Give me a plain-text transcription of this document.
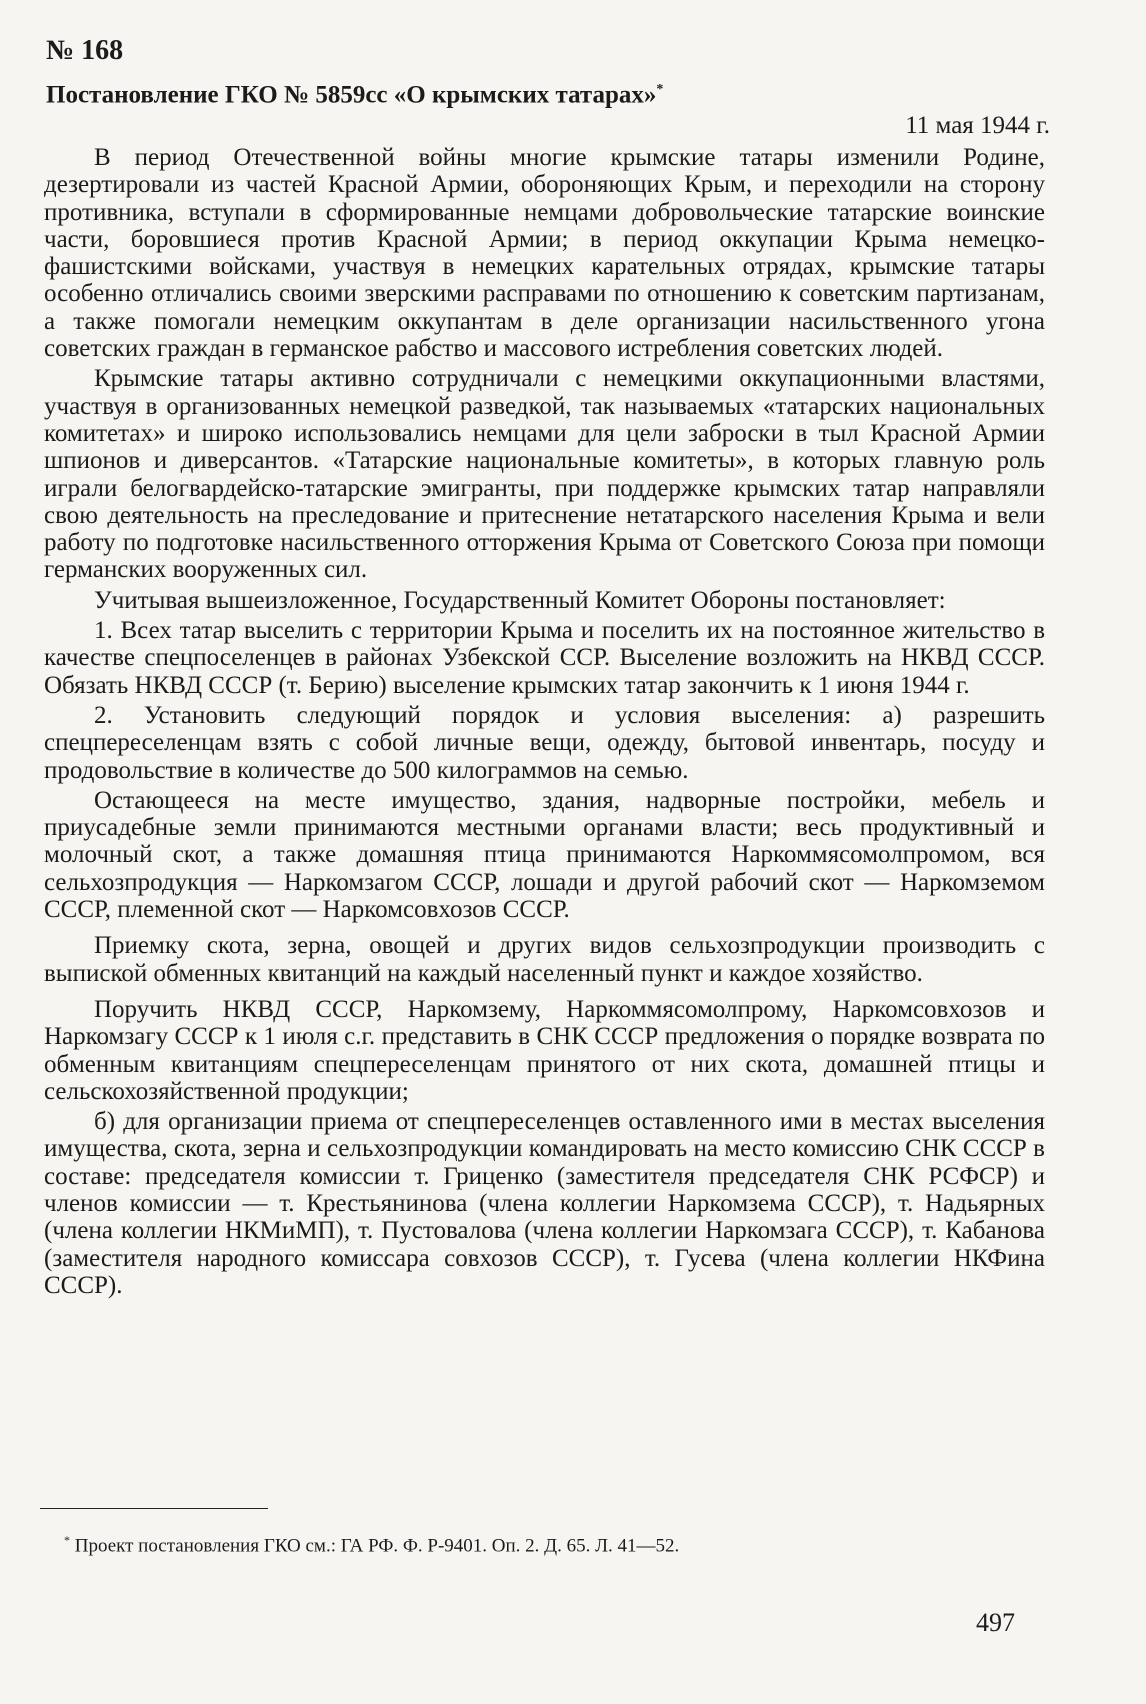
№ 168
Постановление ГКО № 5859сс «О крымских татарах»*
11 мая 1944 г.

В период Отечественной войны многие крымские татары изменили Родине, дезертировали из частей Красной Армии, обороняющих Крым, и переходили на сторону противника, вступали в сформированные немцами добровольческие татарские воинские части, боровшиеся против Красной Армии; в период оккупации Крыма немецко-фашистскими войсками, участвуя в немецких карательных отрядах, крымские татары особенно отличались своими зверскими расправами по отношению к советским партизанам, а также помогали немецким оккупантам в деле организации насильственного угона советских граждан в германское рабство и массового истребления советских людей.

Крымские татары активно сотрудничали с немецкими оккупационными властями, участвуя в организованных немецкой разведкой, так называемых «татарских национальных комитетах» и широко использовались немцами для цели заброски в тыл Красной Армии шпионов и диверсантов. «Татарские национальные комитеты», в которых главную роль играли белогвардейско-татарские эмигранты, при поддержке крымских татар направляли свою деятельность на преследование и притеснение нетатарского населения Крыма и вели работу по подготовке насильственного отторжения Крыма от Советского Союза при помощи германских вооруженных сил.

Учитывая вышеизложенное, Государственный Комитет Обороны постановляет:

1. Всех татар выселить с территории Крыма и поселить их на постоянное жительство в качестве спецпоселенцев в районах Узбекской ССР. Выселение возложить на НКВД СССР. Обязать НКВД СССР (т. Берию) выселение крымских татар закончить к 1 июня 1944 г.

2. Установить следующий порядок и условия выселения: а) разрешить спецпереселенцам взять с собой личные вещи, одежду, бытовой инвентарь, посуду и продовольствие в количестве до 500 килограммов на семью.

Остающееся на месте имущество, здания, надворные постройки, мебель и приусадебные земли принимаются местными органами власти; весь продуктивный и молочный скот, а также домашняя птица принимаются Наркоммясомолпромом, вся сельхозпродукция — Наркомзагом СССР, лошади и другой рабочий скот — Наркомземом СССР, племенной скот — Наркомсовхозов СССР.

Приемку скота, зерна, овощей и других видов сельхозпродукции производить с выпиской обменных квитанций на каждый населенный пункт и каждое хозяйство.

Поручить НКВД СССР, Наркомзему, Наркоммясомолпрому, Наркомсовхозов и Наркомзагу СССР к 1 июля с.г. представить в СНК СССР предложения о порядке возврата по обменным квитанциям спецпереселенцам принятого от них скота, домашней птицы и сельскохозяйственной продукции;

б) для организации приема от спецпереселенцев оставленного ими в местах выселения имущества, скота, зерна и сельхозпродукции командировать на место комиссию СНК СССР в составе: председателя комиссии т. Гриценко (заместителя председателя СНК РСФСР) и членов комиссии — т. Крестьянинова (члена коллегии Наркомзема СССР), т. Надьярных (члена коллегии НКМиМП), т. Пустовалова (члена коллегии Наркомзага СССР), т. Кабанова (заместителя народного комиссара совхозов СССР), т. Гусева (члена коллегии НКФина СССР).

* Проект постановления ГКО см.: ГА РФ. Ф. Р-9401. Оп. 2. Д. 65. Л. 41—52.
497
